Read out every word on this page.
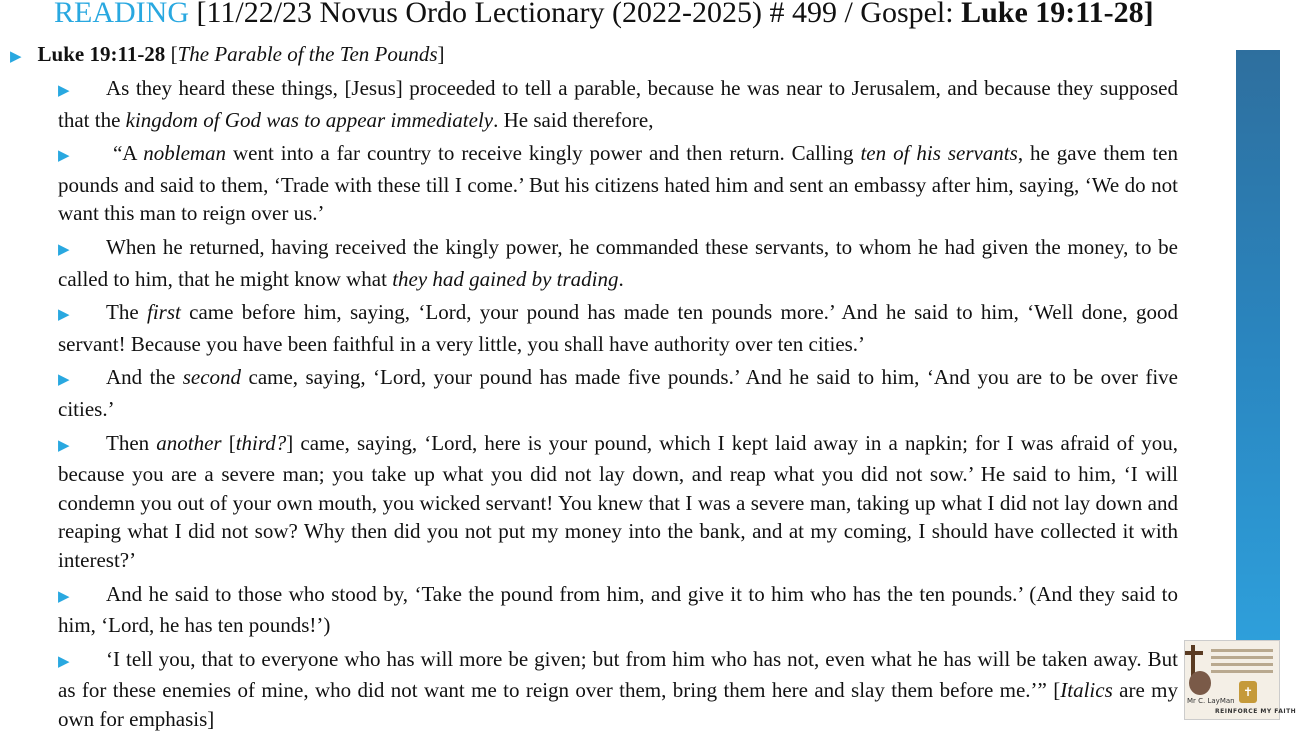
READING [11/22/23 Novus Ordo Lectionary (2022-2025) # 499 / Gospel: Luke 19:11-28]
▶ Luke 19:11-28 [The Parable of the Ten Pounds]

▶ As they heard these things, [Jesus] proceeded to tell a parable, because he was near to Jerusalem, and because they supposed that the kingdom of God was to appear immediately. He said therefore,

▶ “A nobleman went into a far country to receive kingly power and then return. Calling ten of his servants, he gave them ten pounds and said to them, ‘Trade with these till I come.’ But his citizens hated him and sent an embassy after him, saying, ‘We do not want this man to reign over us.’

▶ When he returned, having received the kingly power, he commanded these servants, to whom he had given the money, to be called to him, that he might know what they had gained by trading.

▶ The first came before him, saying, ‘Lord, your pound has made ten pounds more.’ And he said to him, ‘Well done, good servant! Because you have been faithful in a very little, you shall have authority over ten cities.’

▶ And the second came, saying, ‘Lord, your pound has made five pounds.’ And he said to him, ‘And you are to be over five cities.’

▶ Then another [third?] came, saying, ‘Lord, here is your pound, which I kept laid away in a napkin; for I was afraid of you, because you are a severe man; you take up what you did not lay down, and reap what you did not sow.’ He said to him, ‘I will condemn you out of your own mouth, you wicked servant! You knew that I was a severe man, taking up what I did not lay down and reaping what I did not sow? Why then did you not put my money into the bank, and at my coming, I should have collected it with interest?’

▶ And he said to those who stood by, ‘Take the pound from him, and give it to him who has the ten pounds.’ (And they said to him, ‘Lord, he has ten pounds!’)

▶ ‘I tell you, that to everyone who has will more be given; but from him who has not, even what he has will be taken away. But as for these enemies of mine, who did not want me to reign over them, bring them here and slay them before me.’” [Italics are my own for emphasis]

✝
Mr C. LayMan
REINFORCE MY FAITH
